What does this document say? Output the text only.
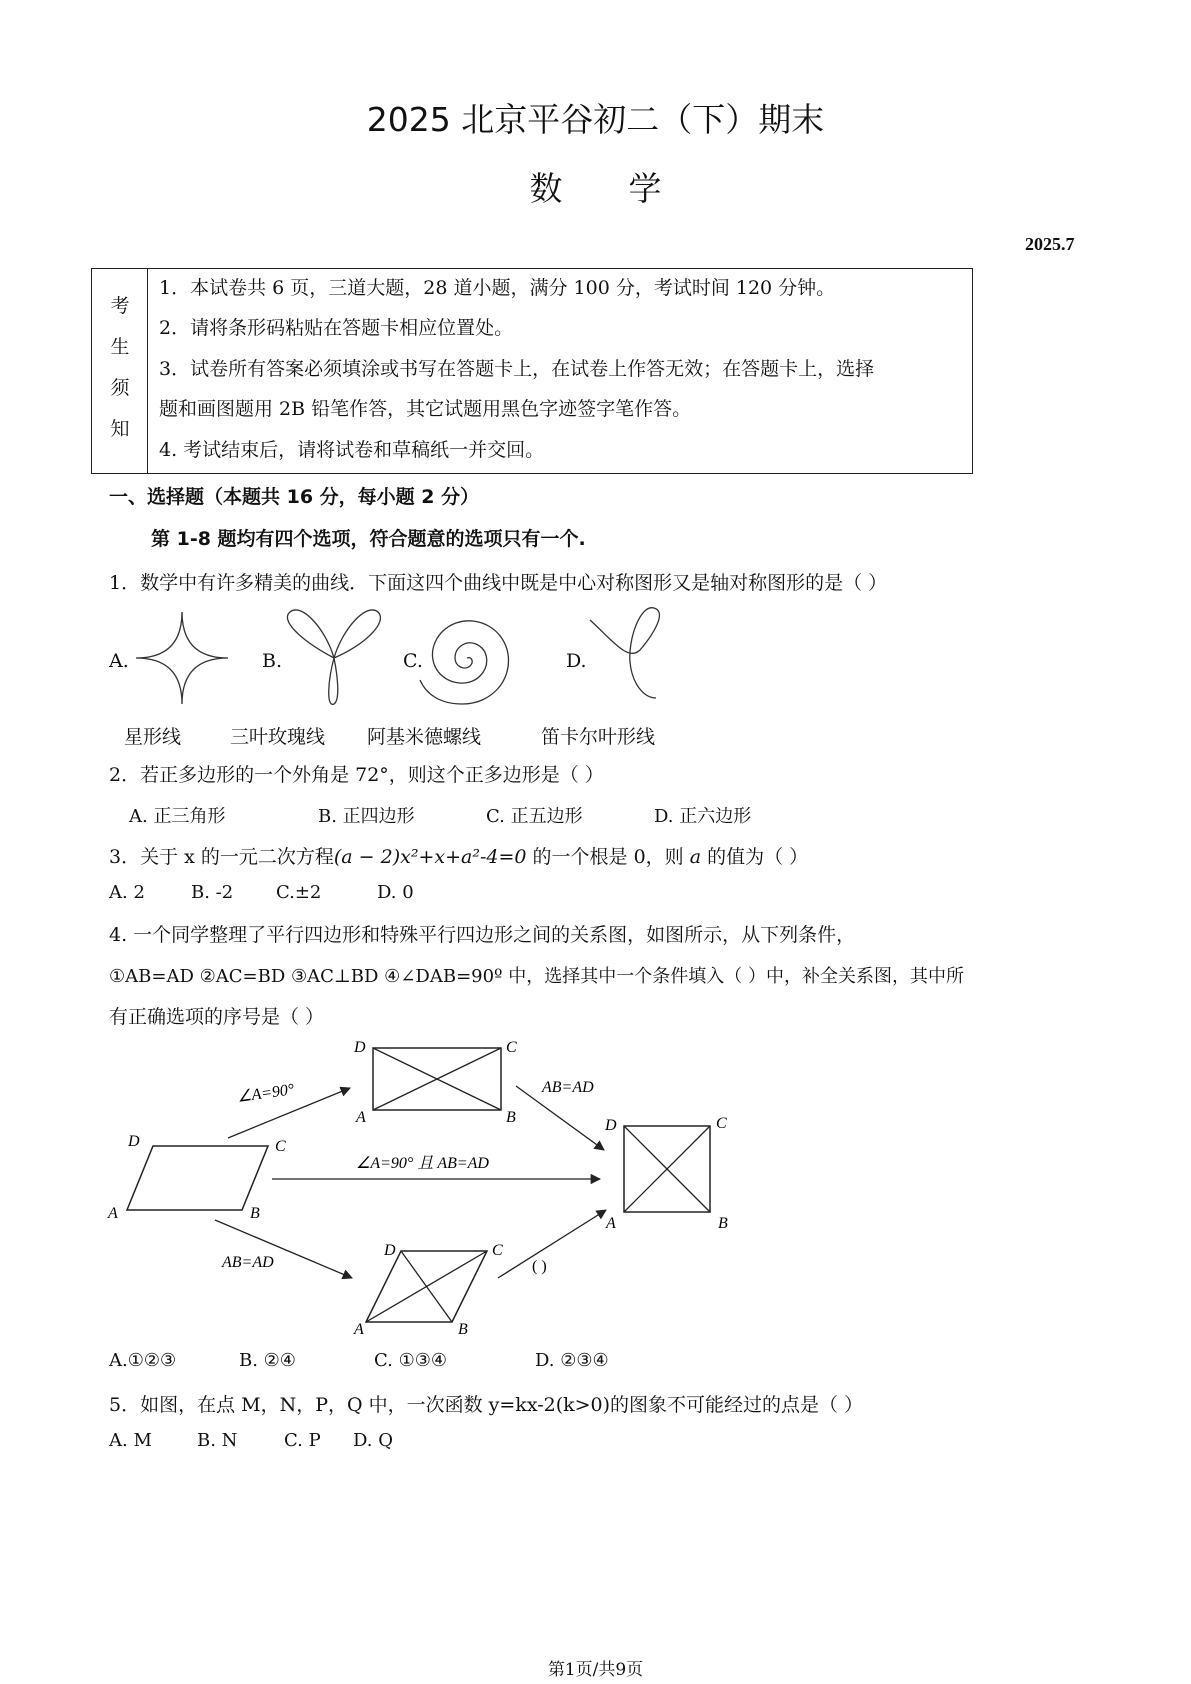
2025 北京平谷初二（下）期末
数　　学
2025.7
考
生
须
知
1．本试卷共 6 页，三道大题，28 道小题，满分 100 分，考试时间 120 分钟。
2．请将条形码粘贴在答题卡相应位置处。
3．试卷所有答案必须填涂或书写在答题卡上，在试卷上作答无效；在答题卡上，选择
题和画图题用 2B 铅笔作答，其它试题用黑色字迹签字笔作答。
4. 考试结束后，请将试卷和草稿纸一并交回。
一、选择题（本题共 16 分，每小题 2 分）
第 1-8 题均有四个选项，符合题意的选项只有一个.
1．数学中有许多精美的曲线．下面这四个曲线中既是中心对称图形又是轴对称图形的是（ ）
A.	B.	C.	D.
星形线	三叶玫瑰线 阿基米德螺线	笛卡尔叶形线
2．若正多边形的一个外角是 72°，则这个正多边形是（ ）
A. 正三角形	B. 正四边形	C. 正五边形	D. 正六边形
3．关于 x 的一元二次方程(a − 2)x²+x+a²-4=0 的一个根是 0，则 a 的值为（ ）
A. 2	B. -2 C.±2	D. 0
4. 一个同学整理了平行四边形和特殊平行四边形之间的关系图，如图所示，从下列条件，
①AB=AD ②AC=BD ③AC⊥BD ④∠DAB=90º 中，选择其中一个条件填入（ ）中，补全关系图，其中所
有正确选项的序号是（ ）
D	C
A	B
D	C
A	B	D	C
A	B
D	C
A	B
∠A=90°	AB=AD
∠A=90° 且 AB=AD
AB=AD	( )
A.①②③	B. ②④	C. ①③④	D. ②③④
5．如图，在点 M，N，P，Q 中，一次函数 y=kx-2(k>0)的图象不可能经过的点是（ ）
A. M	B. N	C. P D. Q
第1页/共9页
